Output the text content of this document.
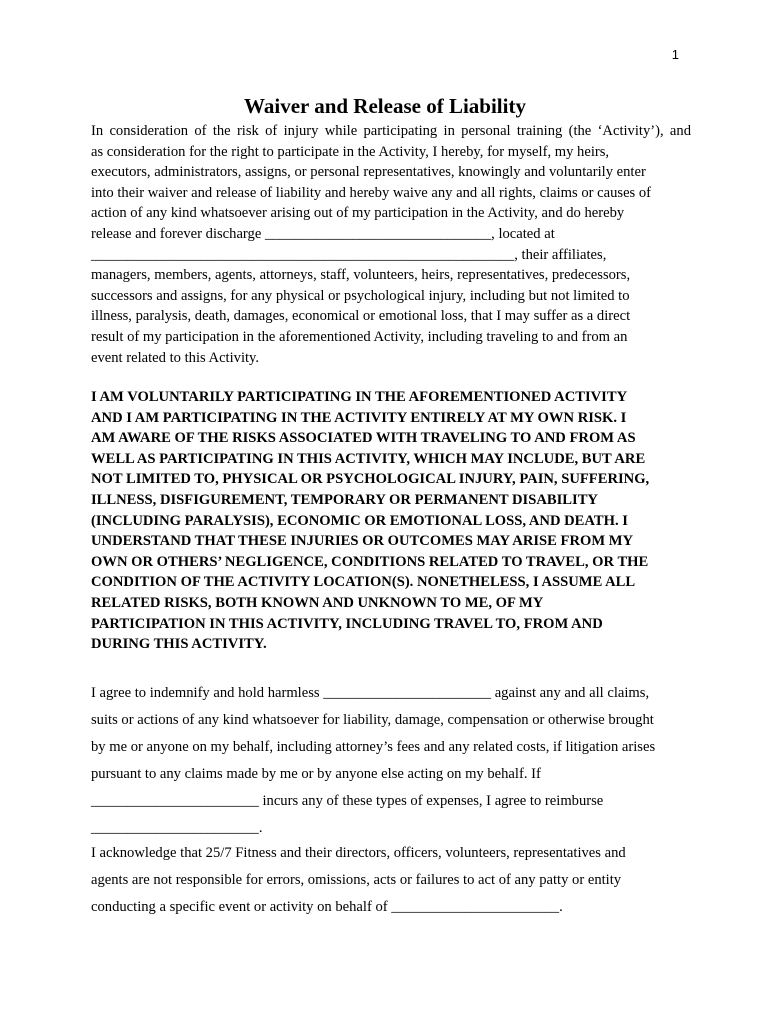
1
Waiver and Release of Liability
In consideration of the risk of injury while participating in personal training (the ‘Activity’), and
as consideration for the right to participate in the Activity, I hereby, for myself, my heirs,
executors, administrators, assigns, or personal representatives, knowingly and voluntarily enter
into their waiver and release of liability and hereby waive any and all rights, claims or causes of
action of any kind whatsoever arising out of my participation in the Activity, and do hereby
release and forever discharge _______________________________, located at
__________________________________________________________, their affiliates,
managers, members, agents, attorneys, staff, volunteers, heirs, representatives, predecessors,
successors and assigns, for any physical or psychological injury, including but not limited to
illness, paralysis, death, damages, economical or emotional loss, that I may suffer as a direct
result of my participation in the aforementioned Activity, including traveling to and from an
event related to this Activity.
I AM VOLUNTARILY PARTICIPATING IN THE AFOREMENTIONED ACTIVITY
AND I AM PARTICIPATING IN THE ACTIVITY ENTIRELY AT MY OWN RISK. I
AM AWARE OF THE RISKS ASSOCIATED WITH TRAVELING TO AND FROM AS
WELL AS PARTICIPATING IN THIS ACTIVITY, WHICH MAY INCLUDE, BUT ARE
NOT LIMITED TO, PHYSICAL OR PSYCHOLOGICAL INJURY, PAIN, SUFFERING,
ILLNESS, DISFIGUREMENT, TEMPORARY OR PERMANENT DISABILITY
(INCLUDING PARALYSIS), ECONOMIC OR EMOTIONAL LOSS, AND DEATH. I
UNDERSTAND THAT THESE INJURIES OR OUTCOMES MAY ARISE FROM MY
OWN OR OTHERS’ NEGLIGENCE, CONDITIONS RELATED TO TRAVEL, OR THE
CONDITION OF THE ACTIVITY LOCATION(S). NONETHELESS, I ASSUME ALL
RELATED RISKS, BOTH KNOWN AND UNKNOWN TO ME, OF MY
PARTICIPATION IN THIS ACTIVITY, INCLUDING TRAVEL TO, FROM AND
DURING THIS ACTIVITY.
I agree to indemnify and hold harmless _______________________ against any and all claims,
suits or actions of any kind whatsoever for liability, damage, compensation or otherwise brought
by me or anyone on my behalf, including attorney’s fees and any related costs, if litigation arises
pursuant to any claims made by me or by anyone else acting on my behalf. If
_______________________ incurs any of these types of expenses, I agree to reimburse
_______________________.
I acknowledge that 25/7 Fitness and their directors, officers, volunteers, representatives and
agents are not responsible for errors, omissions, acts or failures to act of any patty or entity
conducting a specific event or activity on behalf of _______________________.
